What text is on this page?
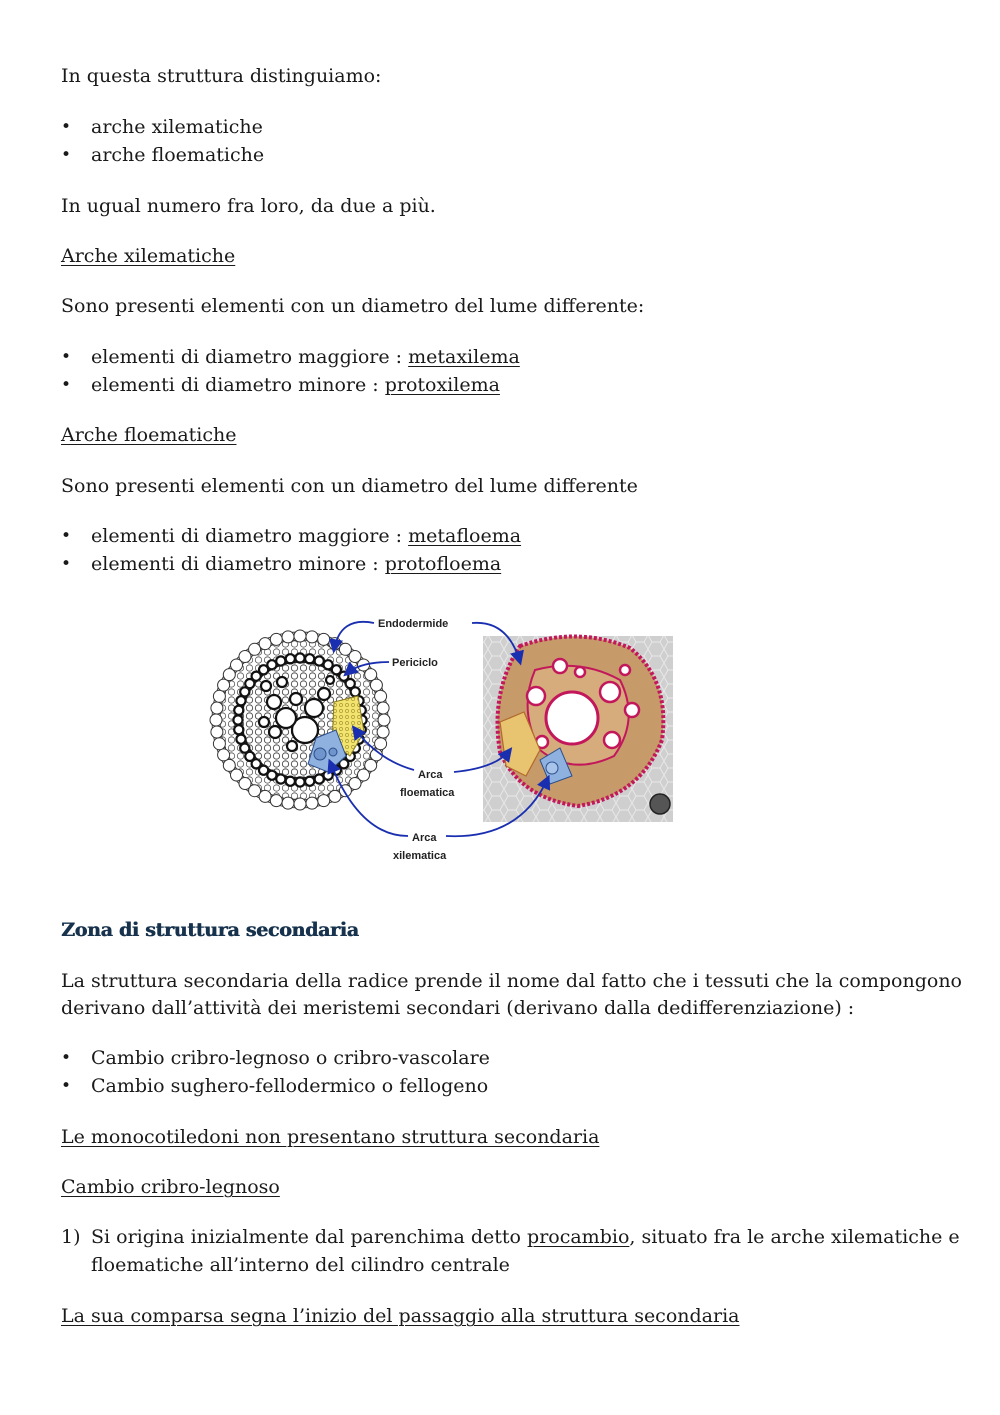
In questa struttura distinguiamo:

• arche xilematiche
• arche floematiche

In ugual numero fra loro, da due a più.

Arche xilematiche

Sono presenti elementi con un diametro del lume differente:

• elementi di diametro maggiore : metaxilema
• elementi di diametro minore : protoxilema

Arche floematiche

Sono presenti elementi con un diametro del lume differente

• elementi di diametro maggiore : metafloema
• elementi di diametro minore : protofloema
Endodermide
Periciclo
Arca
floematica
Arca
xilematica

Zona di struttura secondaria

La struttura secondaria della radice prende il nome dal fatto che i tessuti che la compongono

derivano dall’attività dei meristemi secondari (derivano dalla dedifferenziazione) :

• Cambio cribro-legnoso o cribro-vascolare
• Cambio sughero-fellodermico o fellogeno

Le monocotiledoni non presentano struttura secondaria

Cambio cribro-legnoso

1) Si origina inizialmente dal parenchima detto procambio, situato fra le arche xilematiche e floematiche all’interno del cilindro centrale

La sua comparsa segna l’inizio del passaggio alla struttura secondaria
